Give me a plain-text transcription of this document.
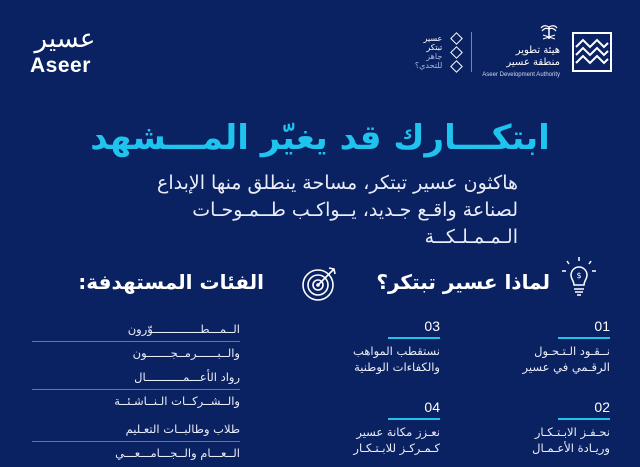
عسير
Aseer
هيئة تطوير
منطقة عسير
Aseer Development Authority
عسير
تبتكر
جاهز
للتحدي؟
ابتكـــارك قد يغيّر المـــشهد
هاكثون عسير تبتكر، مساحة ينطلق منها الإبداع لصناعة واقـع جـديد، يــواكـب طــمـوحـات الـمـمـلـكــة
$
لماذا عسير تبتكر؟
01
نــقـود الـتـحـول الرقـمي في عسير
02
نحـفـز الابـتـكـار وريـادة الأعـمـال
03
نستقطب المواهب والكفاءات الوطنية
04
نعـزز مكانة عسير كـمـركـز للابـتـكـار
الفئات المستهدفة:
الــمـــطــــــــــــــوّرون
والــبــــــرمــجـــــــون
رواد الأعـــمـــــــــــال
والــشــركــات الـنــاشـئــة
طلاب وطالبــات التعـليم
الــعـــام والــجـــامـــعـــي
